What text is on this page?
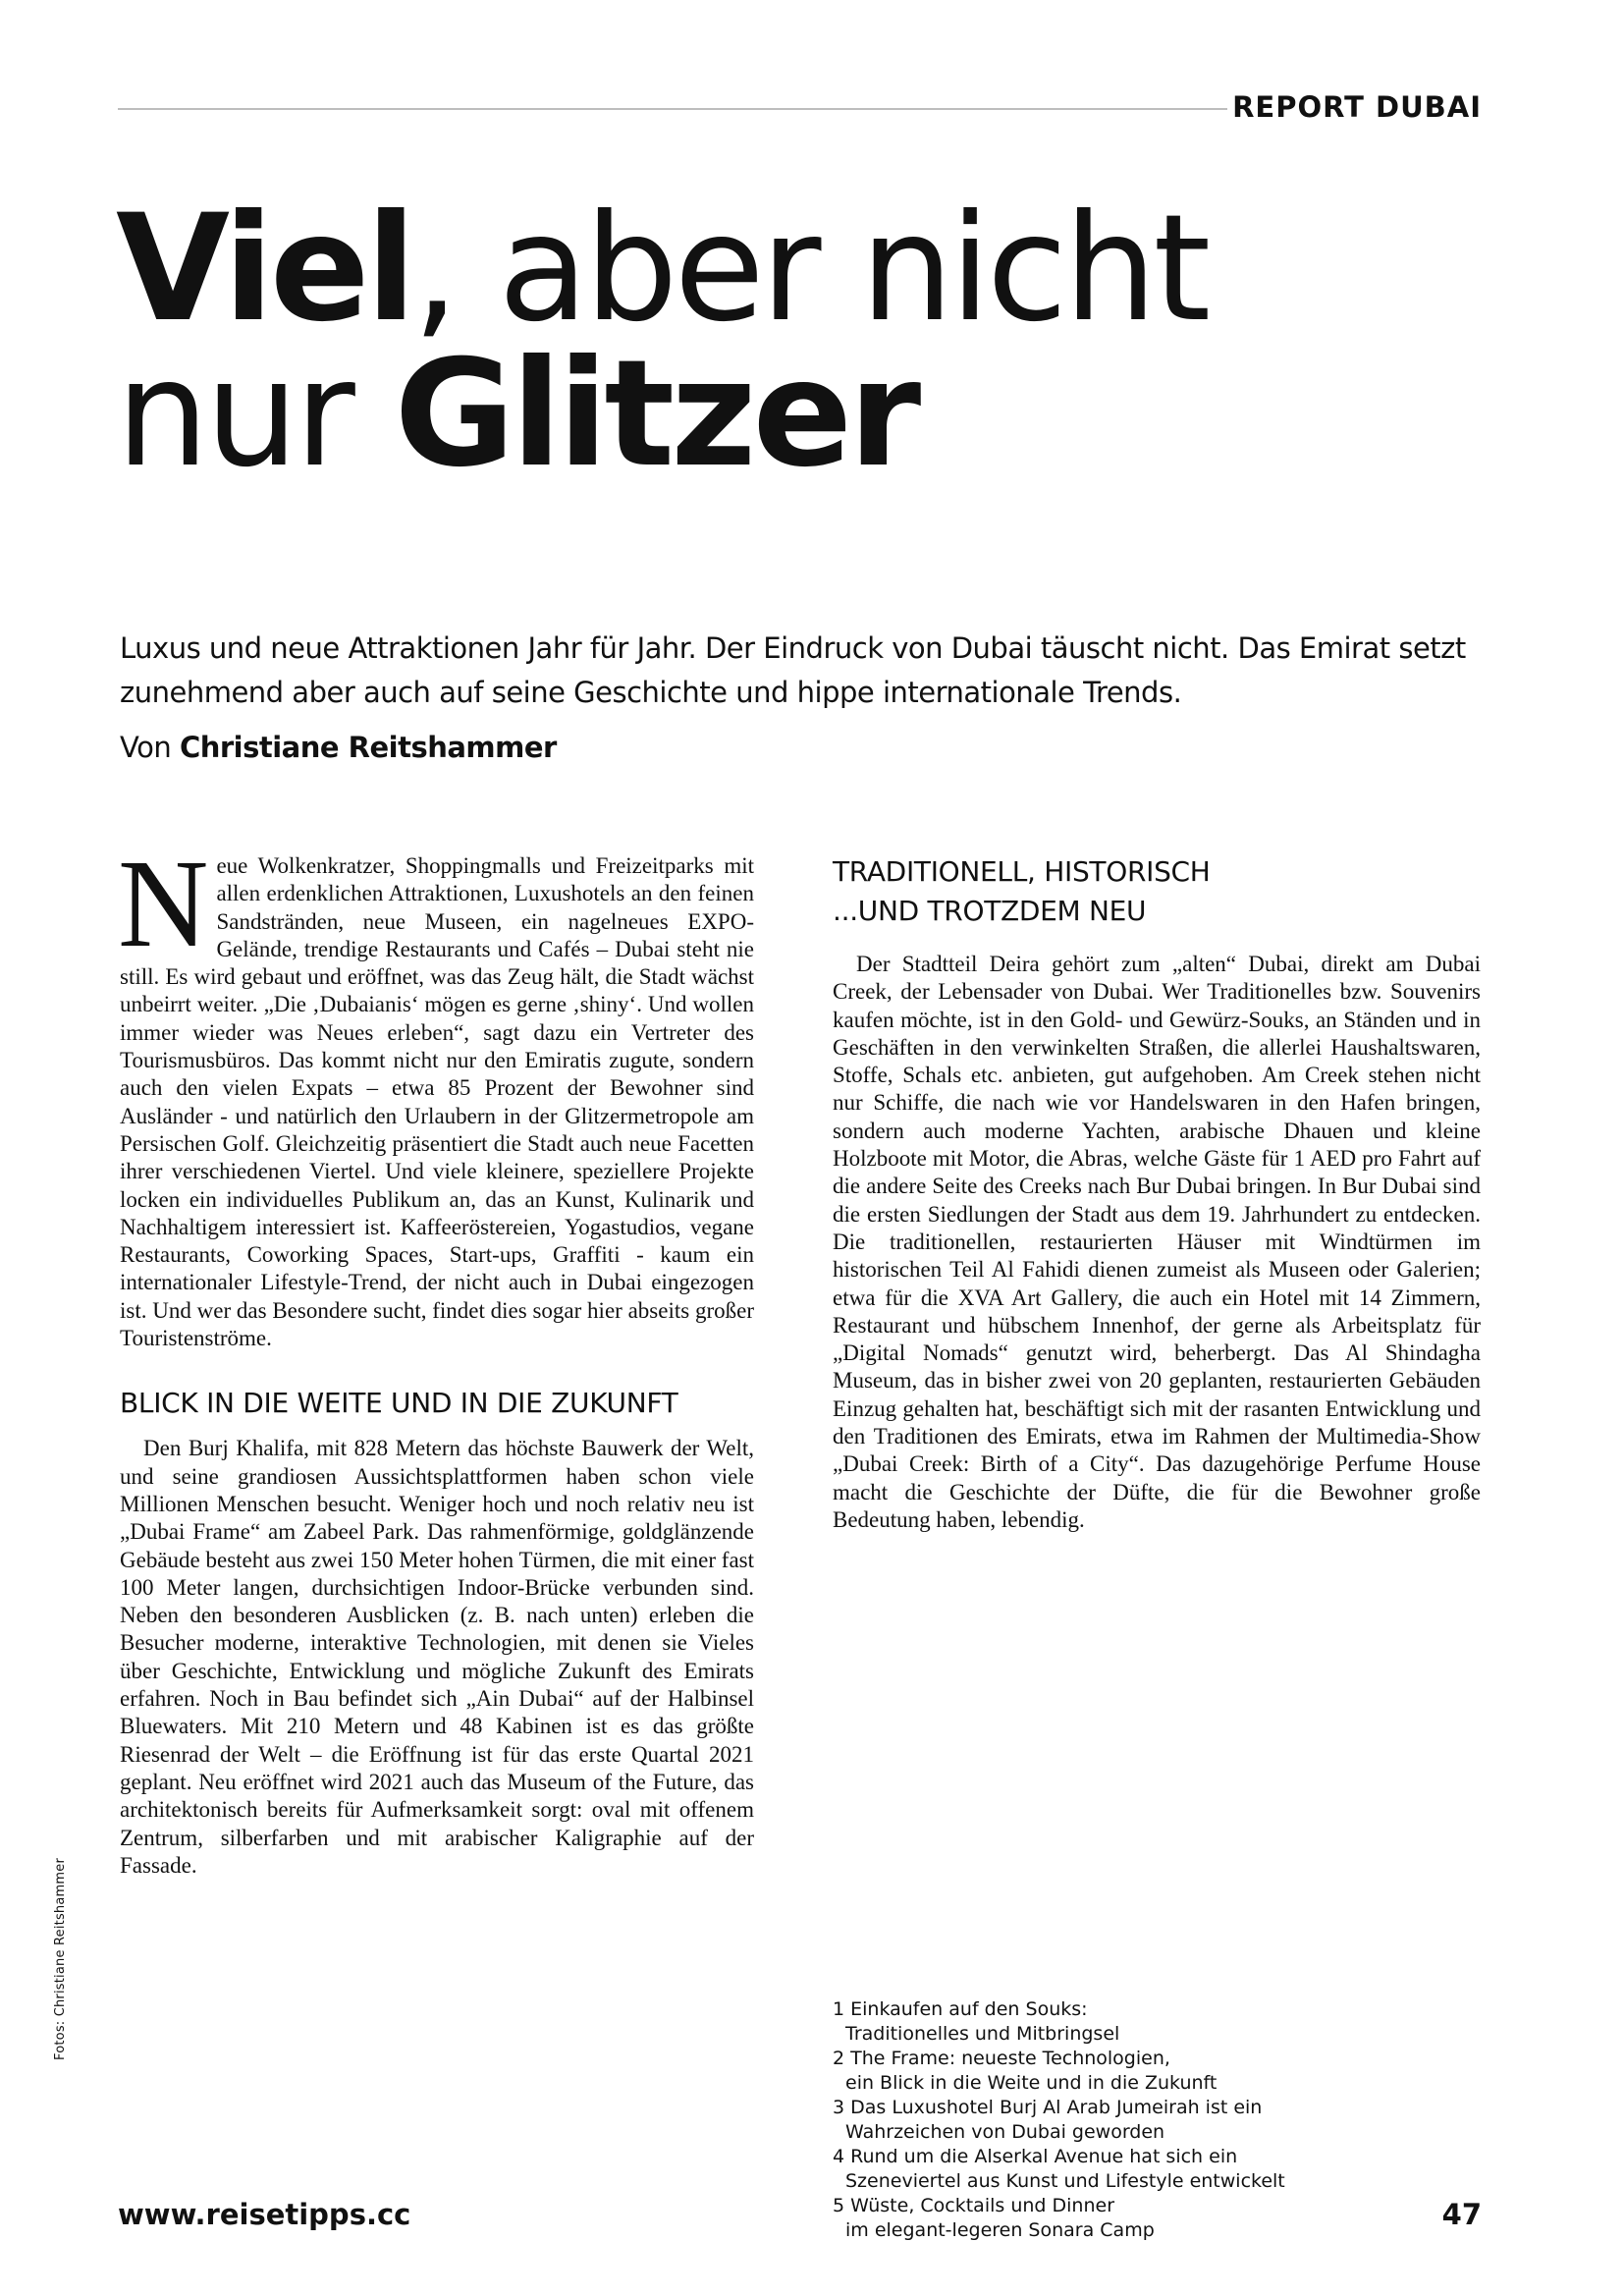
REPORT DUBAI
Viel, aber nicht
nur Glitzer
Luxus und neue Attraktionen Jahr für Jahr. Der Eindruck von Dubai täuscht nicht. Das Emirat setzt
zunehmend aber auch auf seine Geschichte und hippe internationale Trends.
Von Christiane Reitshammer

Neue Wolkenkratzer, Shoppingmalls und Freizeitparks mit allen erdenklichen Attraktionen, Luxushotels an den feinen Sandstränden, neue Museen, ein nagelneues EXPO-Gelände, trendige Restaurants und Cafés – Dubai steht nie still. Es wird gebaut und eröffnet, was das Zeug hält, die Stadt wächst unbeirrt weiter. „Die ‚Dubaianis‘ mögen es gerne ‚shiny‘. Und wollen immer wieder was Neues erleben“, sagt dazu ein Vertreter des Tourismusbüros. Das kommt nicht nur den Emiratis zugute, sondern auch den vielen Expats – etwa 85 Prozent der Bewohner sind Ausländer - und natürlich den Urlaubern in der Glitzermetropole am Persischen Golf. Gleichzeitig präsentiert die Stadt auch neue Facetten ihrer verschiedenen Viertel. Und viele kleinere, speziellere Projekte locken ein individuelles Publikum an, das an Kunst, Kulinarik und Nachhaltigem interessiert ist. Kaffeeröstereien, Yogastudios, vegane Restaurants, Coworking Spaces, Start-ups, Graffiti - kaum ein internationaler Lifestyle-Trend, der nicht auch in Dubai eingezogen ist. Und wer das Besondere sucht, findet dies sogar hier abseits großer Touristenströme.

BLICK IN DIE WEITE UND IN DIE ZUKUNFT

Den Burj Khalifa, mit 828 Metern das höchste Bauwerk der Welt, und seine grandiosen Aussichtsplattformen haben schon viele Millionen Menschen besucht. Weniger hoch und noch relativ neu ist „Dubai Frame“ am Zabeel Park. Das rahmenförmige, goldglänzende Gebäude besteht aus zwei 150 Meter hohen Türmen, die mit einer fast 100 Meter langen, durchsichtigen Indoor-Brücke verbunden sind. Neben den besonderen Ausblicken (z. B. nach unten) erleben die Besucher moderne, interaktive Technologien, mit denen sie Vieles über Geschichte, Entwicklung und mögliche Zukunft des Emirats erfahren. Noch in Bau befindet sich „Ain Dubai“ auf der Halbinsel Bluewaters. Mit 210 Metern und 48 Kabinen ist es das größte Riesenrad der Welt – die Eröffnung ist für das erste Quartal 2021 geplant. Neu eröffnet wird 2021 auch das Museum of the Future, das architektonisch bereits für Aufmerksamkeit sorgt: oval mit offenem Zentrum, silberfarben und mit arabischer Kaligraphie auf der Fassade.

TRADITIONELL, HISTORISCH
...UND TROTZDEM NEU

Der Stadtteil Deira gehört zum „alten“ Dubai, direkt am Dubai Creek, der Lebensader von Dubai. Wer Traditionelles bzw. Souvenirs kaufen möchte, ist in den Gold- und Gewürz-Souks, an Ständen und in Geschäften in den verwinkelten Straßen, die allerlei Haushaltswaren, Stoffe, Schals etc. anbieten, gut aufgehoben. Am Creek stehen nicht nur Schiffe, die nach wie vor Handelswaren in den Hafen bringen, sondern auch moderne Yachten, arabische Dhauen und kleine Holzboote mit Motor, die Abras, welche Gäste für 1 AED pro Fahrt auf die andere Seite des Creeks nach Bur Dubai bringen. In Bur Dubai sind die ersten Siedlungen der Stadt aus dem 19. Jahrhundert zu entdecken. Die traditionellen, restaurierten Häuser mit Windtürmen im historischen Teil Al Fahidi dienen zumeist als Museen oder Galerien; etwa für die XVA Art Gallery, die auch ein Hotel mit 14 Zimmern, Restaurant und hübschem Innenhof, der gerne als Arbeitsplatz für „Digital Nomads“ genutzt wird, beherbergt. Das Al Shindagha Museum, das in bisher zwei von 20 geplanten, restaurierten Gebäuden Einzug gehalten hat, beschäftigt sich mit der rasanten Entwicklung und den Traditionen des Emirats, etwa im Rahmen der Multimedia-Show „Dubai Creek: Birth of a City“. Das dazugehörige Perfume House macht die Geschichte der Düfte, die für die Bewohner große Bedeutung haben, lebendig.

1 Einkaufen auf den Souks:
Traditionelles und Mitbringsel
2 The Frame: neueste Technologien,
ein Blick in die Weite und in die Zukunft
3 Das Luxushotel Burj Al Arab Jumeirah ist ein
Wahrzeichen von Dubai geworden
4 Rund um die Alserkal Avenue hat sich ein
Szeneviertel aus Kunst und Lifestyle entwickelt
5 Wüste, Cocktails und Dinner
im elegant-legeren Sonara Camp
Fotos: Christiane Reitshammer
www.reisetipps.cc	47
